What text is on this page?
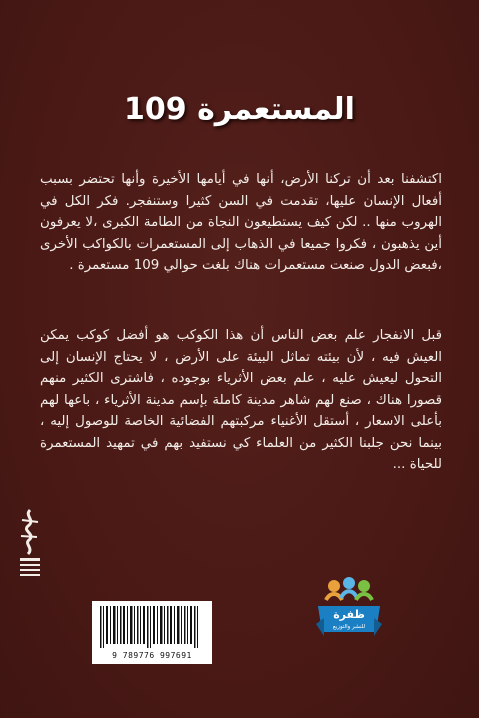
المستعمرة 109

اكتشفنا بعد أن تركنا الأرض، أنها في أيامها الأخيرة وأنها تحتضر بسبب أفعال الإنسان عليها، تقدمت في السن كثيرا وستنفجر. فكر الكل في الهروب منها .. لكن كيف يستطيعون النجاة من الطامة الكبرى ،لا يعرفون أين يذهبون ، فكروا جميعا في الذهاب إلى المستعمرات بالكواكب الأخرى ،فبعض الدول صنعت مستعمرات هناك بلغت حوالي 109 مستعمرة .

قبل الانفجار علم بعض الناس أن هذا الكوكب هو أفضل كوكب يمكن العيش فيه ، لأن بيئته تماثل البيئة على الأرض ، لا يحتاج الإنسان إلى التحول ليعيش عليه ، علم بعض الأثرياء بوجوده ، فاشترى الكثير منهم قصورا هناك ، صنع لهم شاهر مدينة كاملة بإسم مدينة الأثرياء ، باعها لهم بأعلى الاسعار ، أستقل الأغنياء مركبتهم الفضائية الخاصة للوصول إليه ، بينما نحن جلبنا الكثير من العلماء كي نستفيد بهم في تمهيد المستعمرة للحياة ...

9 789776 997691
ظفرة
للنشر والتوزيع
